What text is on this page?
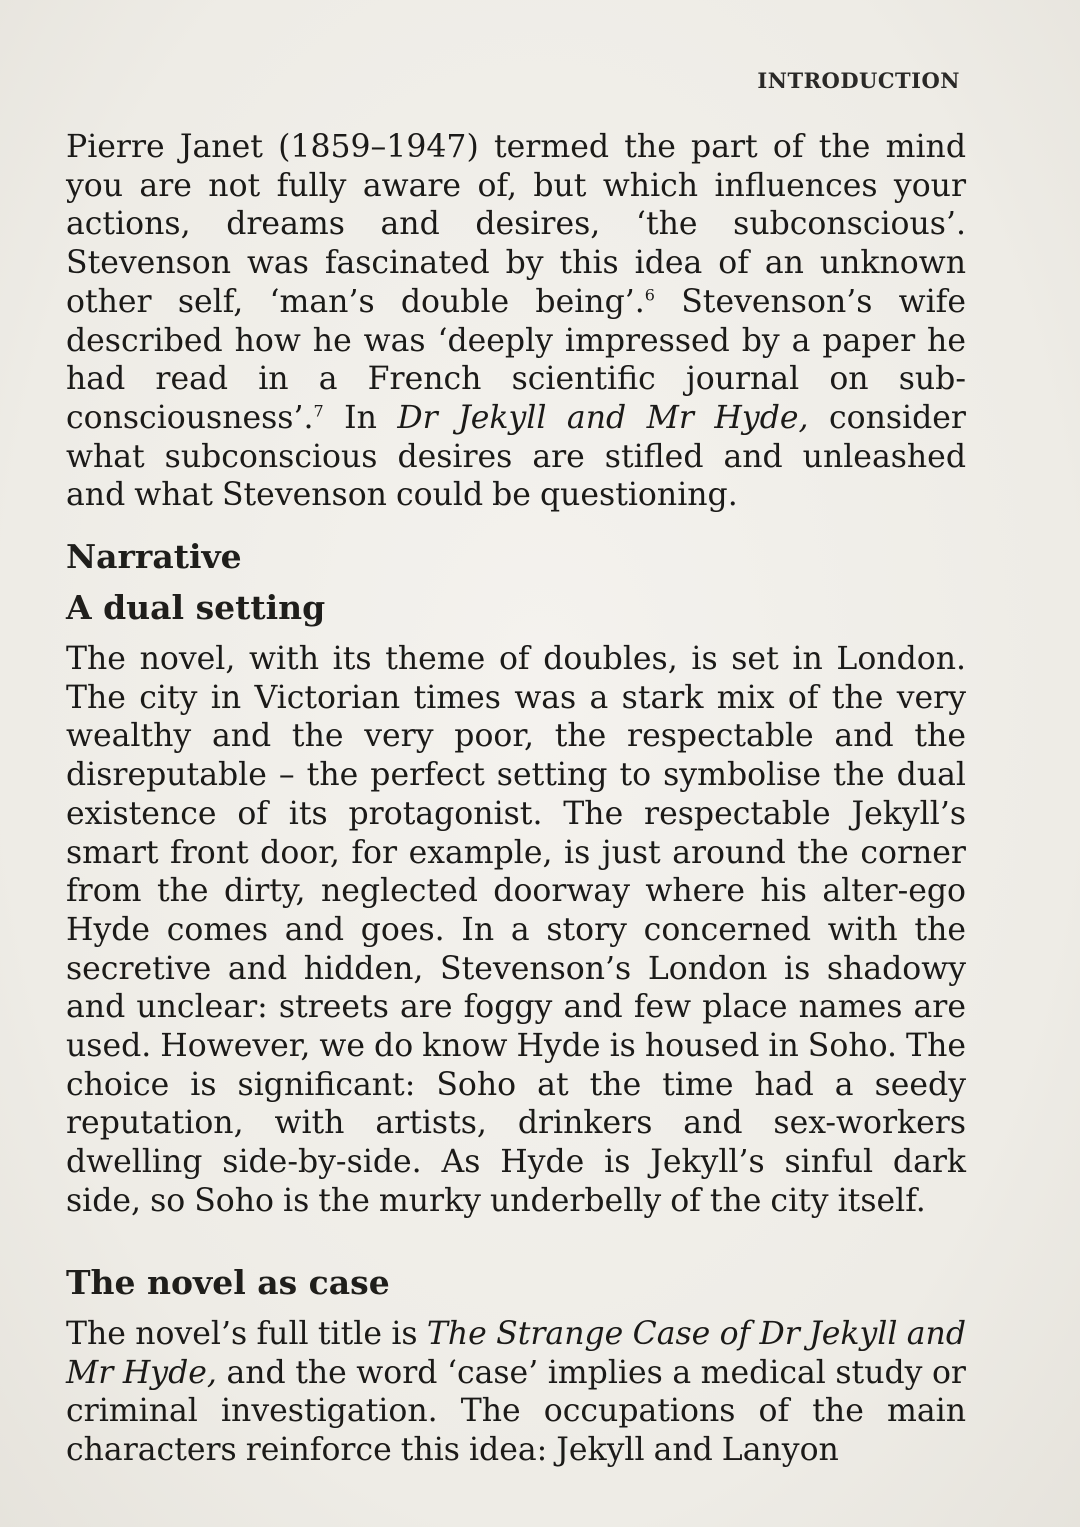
INTRODUCTION

Pierre Janet (1859–1947) termed the part of the mind you are not fully aware of, but which influences your actions, dreams and desires, ‘the subconscious’. Stevenson was fascinated by this idea of an unknown other self, ‘man’s double being’.$^6$ Stevenson’s wife described how he was ‘deeply impressed by a paper he had read in a French scientific journal on sub-consciousness’.$^7$ In Dr Jekyll and Mr Hyde, consider what subconscious desires are stifled and unleashed and what Stevenson could be questioning.

Narrative
A dual setting

The novel, with its theme of doubles, is set in London. The city in Victorian times was a stark mix of the very wealthy and the very poor, the respectable and the disreputable – the perfect setting to symbolise the dual existence of its protagonist. The respectable Jekyll’s smart front door, for example, is just around the corner from the dirty, neglected doorway where his alter-ego Hyde comes and goes. In a story concerned with the secretive and hidden, Stevenson’s London is shadowy and unclear: streets are foggy and few place names are used. However, we do know Hyde is housed in Soho. The choice is significant: Soho at the time had a seedy reputation, with artists, drinkers and sex-workers dwelling side-by-side. As Hyde is Jekyll’s sinful dark side, so Soho is the murky underbelly of the city itself.

The novel as case

The novel’s full title is The Strange Case of Dr Jekyll and Mr Hyde, and the word ‘case’ implies a medical study or criminal investigation. The occupations of the main characters reinforce this idea: Jekyll and Lanyon
